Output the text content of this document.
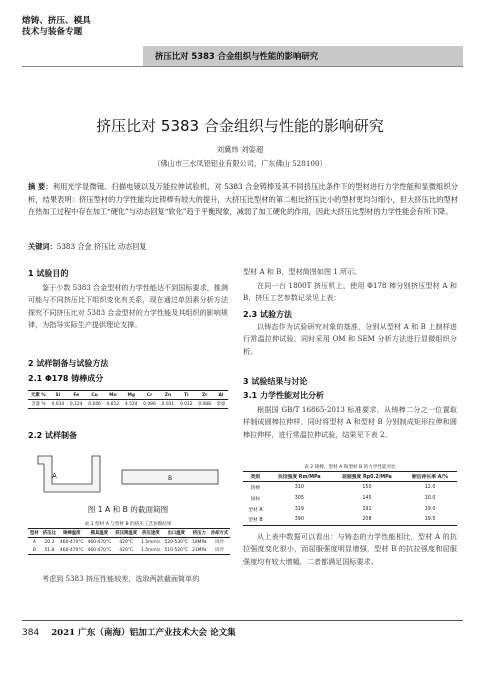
熔铸、挤压、模具
技术与装备专题
挤压比对 5383 合金组织与性能的影响研究
挤压比对 5383 合金组织与性能的影响研究
刘冀炜 刘姿超
（佛山市三水凤铝铝业有限公司，广东佛山 528100）
摘 要：利用光学显微镜、扫描电镜以及万能拉伸试验机，对 5383 合金铸棒及其不同挤压比条件下的型材进行力学性能和显微组织分析，结果表明：挤压型材的力学性能均比铸棒有较大的提升，大挤压比型材的第二相比挤压比小的型材更均匀细小，但大挤压比的型材在热加工过程中存在加工“硬化”与动态回复“软化”趋于平衡现象，减弱了加工硬化的作用，因此大挤压比型材的力学性能会有所下降。
关键词：5383 合金 挤压比 动态回复
1 试验目的
鉴于少数 5383 合金型材的力学性能达不到国标要求，推测可能与不同挤压比下组织变化有关系，现在通过单因素分析方法探究不同挤压比对 5383 合金型材的力学性能及其组织的影响规律，为指导实际生产提供理论支撑。
2 试样制备与试验方法
2.1 Φ178 铸棒成分
元素 %	Si	Fe	Cu	Mn	Mg	Cr	Zn	Ti	Zr	Al
含量 %	0.034	0.124	0.046	0.812	4.534	0.086	0.031	0.012	0.088	余量
2.2 试样制备
A	B
图 1 A 和 B 的截面简图
表 1 型材 A 与型材 B 的挤压工艺参数结果
型材	挤压比	铸棒温度	模具温度	挤压筒温度	挤压速度	出口温度	挤压力	冷却方式
A	20.3	460-470°C	460-470°C	420°C	1.5mm/s	520-530°C	18MPa	风冷
B	51.8	460-470°C	460-470°C	420°C	1.5mm/s	510-520°C	21MPa	风冷
考虑到 5383 挤压性能较差，选取两款截面简单的
型材 A 和 B，型材简图如图 1 所示。
在同一台 1800T 挤压机上，使用 Φ178 棒分别挤压型材 A 和 B，挤压工艺参数记录见上表：
2.3 试验方法
以铸态作为试验研究对象的基准，分别从型材 A 和 B 上制样进行常温拉伸试验，同时采用 OM 和 SEM 分析方法进行显微组织分析。
3 试验结果与讨论
3.1 力学性能对比分析
根据国 GB/T 16865-2013 标准要求，从铸棒二分之一位置取样制成圆棒拉伸样，同时将型材 A 和型材 B 分别制成矩形拉伸和圆棒拉伸样，进行常温拉伸试验，结果见下表 2。
表 2 铸棒、型材 A 和型材 B 的力学性能对比
类别	抗拉强度 Rm/MPa	屈服强度 Rp0.2/MPa	断后伸长率 A/%
铸棒	310	150	12.0
国标	305	145	10.0
型材 A	319	191	19.0
型材 B	390	208	19.5
从上表中数据可以看出：与铸态的力学性能相比，型材 A 的抗拉强度变化很小，而屈服强度明显增强，型材 B 的抗拉强度和屈服强度均有较大增幅，二者都满足国标要求。
384 2021 广东（南海）铝加工产业技术大会 论文集
